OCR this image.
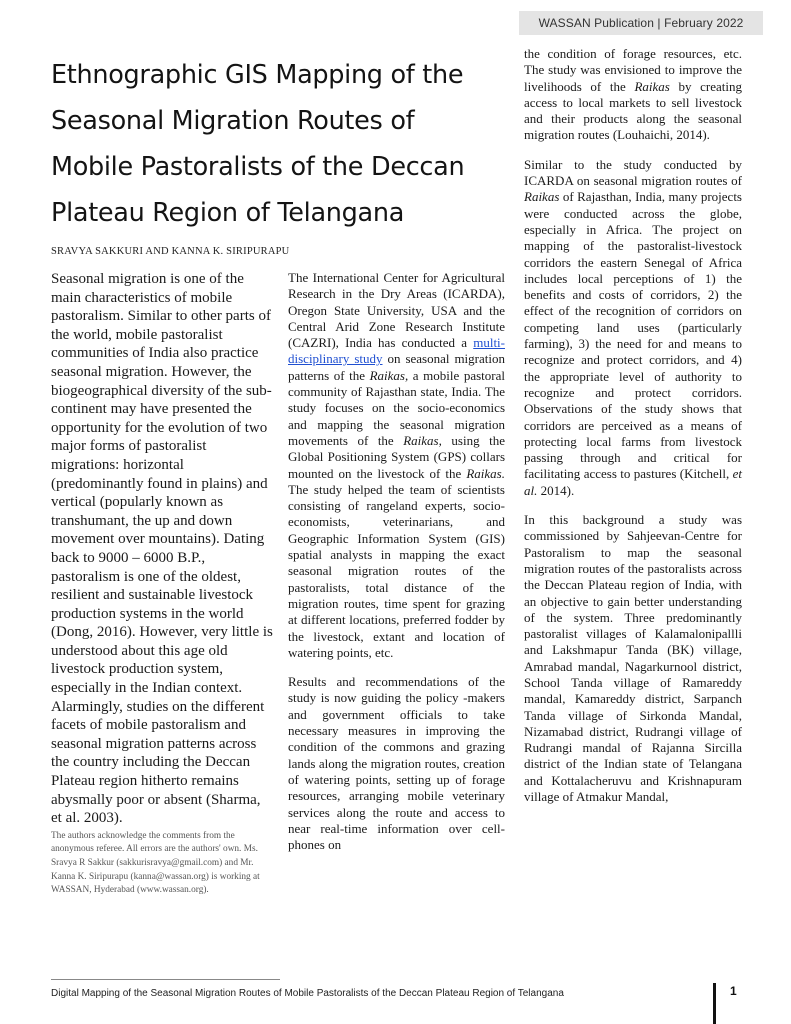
WASSAN Publication | February 2022
Ethnographic GIS Mapping of the Seasonal Migration Routes of Mobile Pastoralists of the Deccan Plateau Region of Telangana

SRAVYA SAKKURI AND KANNA K. SIRIPURAPU

Seasonal migration is one of the main characteristics of mobile pastoralism. Similar to other parts of the world, mobile pastoralist communities of India also practice seasonal migration. However, the biogeographical diversity of the sub-continent may have presented the opportunity for the evolution of two major forms of pastoralist migrations: horizontal (predominantly found in plains) and vertical (popularly known as transhumant, the up and down movement over mountains). Dating back to 9000 – 6000 B.P., pastoralism is one of the oldest, resilient and sustainable livestock production systems in the world (Dong, 2016). However, very little is understood about this age old livestock production system, especially in the Indian context. Alarmingly, studies on the different facets of mobile pastoralism and seasonal migration patterns across the country including the Deccan Plateau region hitherto remains abysmally poor or absent (Sharma, et al. 2003).

The authors acknowledge the comments from the anonymous referee. All errors are the authors' own. Ms. Sravya R Sakkur (sakkurisravya@gmail.com) and Mr. Kanna K. Siripurapu (kanna@wassan.org) is working at WASSAN, Hyderabad (www.wassan.org).

The International Center for Agricultural Research in the Dry Areas (ICARDA), Oregon State University, USA and the Central Arid Zone Research Institute (CAZRI), India has conducted a multi-disciplinary study on seasonal migration patterns of the Raikas, a mobile pastoral community of Rajasthan state, India. The study focuses on the socio-economics and mapping the seasonal migration movements of the Raikas, using the Global Positioning System (GPS) collars mounted on the livestock of the Raikas. The study helped the team of scientists consisting of rangeland experts, socio-economists, veterinarians, and Geographic Information System (GIS) spatial analysts in mapping the exact seasonal migration routes of the pastoralists, total distance of the migration routes, time spent for grazing at different locations, preferred fodder by the livestock, extant and location of watering points, etc.

Results and recommendations of the study is now guiding the policy -makers and government officials to take necessary measures in improving the condition of the commons and grazing lands along the migration routes, creation of watering points, setting up of forage resources, arranging mobile veterinary services along the route and access to near real-time information over cell-phones on

the condition of forage resources, etc. The study was envisioned to improve the livelihoods of the Raikas by creating access to local markets to sell livestock and their products along the seasonal migration routes (Louhaichi, 2014).

Similar to the study conducted by ICARDA on seasonal migration routes of Raikas of Rajasthan, India, many projects were conducted across the globe, especially in Africa. The project on mapping of the pastoralist-livestock corridors the eastern Senegal of Africa includes local perceptions of 1) the benefits and costs of corridors, 2) the effect of the recognition of corridors on competing land uses (particularly farming), 3) the need for and means to recognize and protect corridors, and 4) the appropriate level of authority to recognize and protect corridors. Observations of the study shows that corridors are perceived as a means of protecting local farms from livestock passing through and critical for facilitating access to pastures (Kitchell, et al. 2014).

In this background a study was commissioned by Sahjeevan-Centre for Pastoralism to map the seasonal migration routes of the pastoralists across the Deccan Plateau region of India, with an objective to gain better understanding of the system. Three predominantly pastoralist villages of Kalamalonipallli and Lakshmapur Tanda (BK) village, Amrabad mandal, Nagarkurnool district, School Tanda village of Ramareddy mandal, Kamareddy district, Sarpanch Tanda village of Sirkonda Mandal, Nizamabad district, Rudrangi village of Rudrangi mandal of Rajanna Sircilla district of the Indian state of Telangana and Kottalacheruvu and Krishnapuram village of Atmakur Mandal,

Digital Mapping of the Seasonal Migration Routes of Mobile Pastoralists of the Deccan Plateau Region of Telangana	1
